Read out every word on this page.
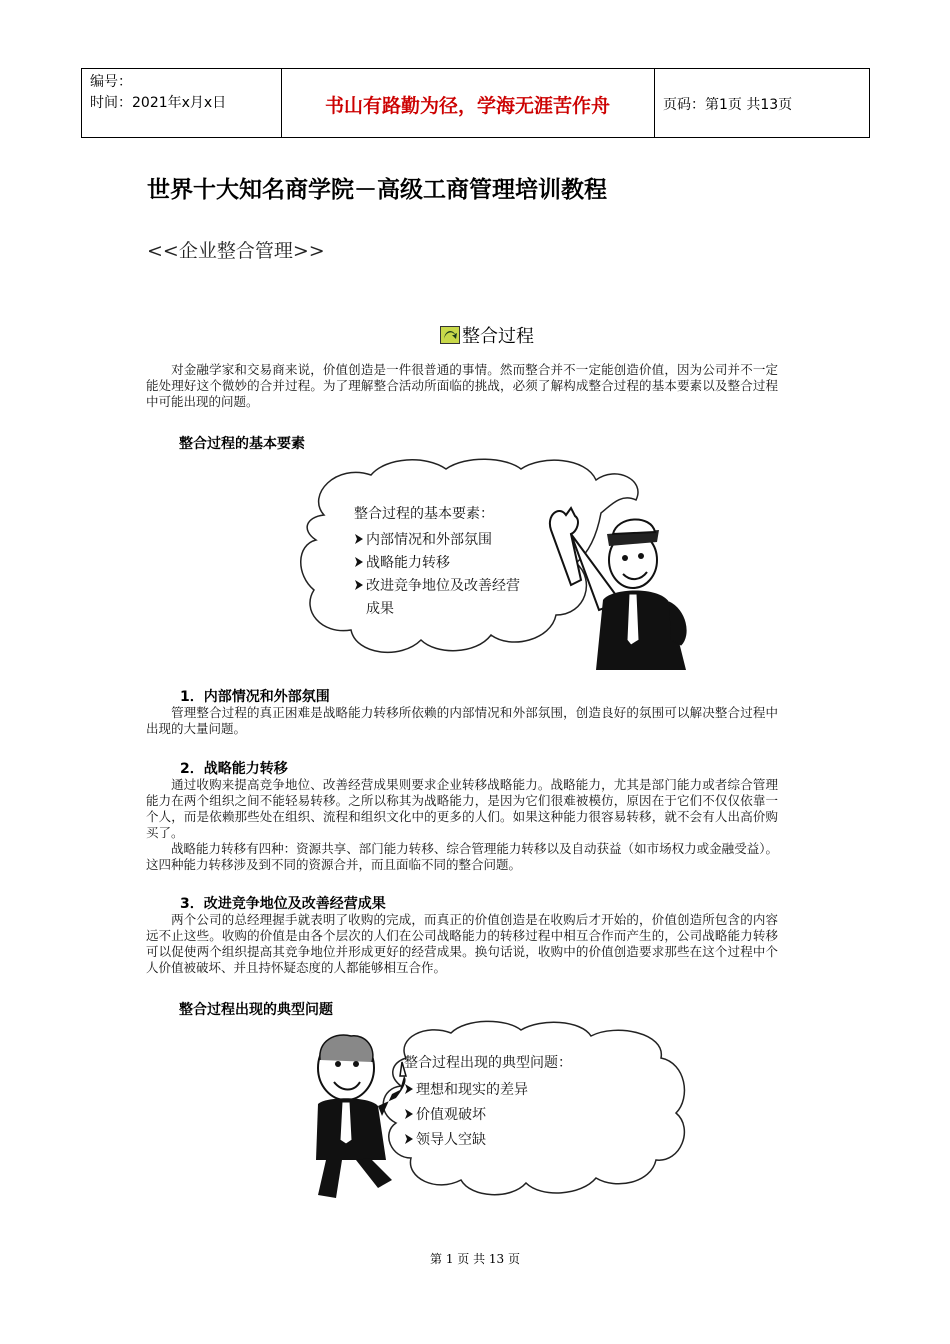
编号：
时间：2021年x月x日	书山有路勤为径，学海无涯苦作舟	页码：第1页 共13页
世界十大知名商学院－高级工商管理培训教程
<<企业整合管理>>
整合过程
对金融学家和交易商来说，价值创造是一件很普通的事情。然而整合并不一定能创造价值，因为公司并不一定能处理好这个微妙的合并过程。为了理解整合活动所面临的挑战，必须了解构成整合过程的基本要素以及整合过程中可能出现的问题。
整合过程的基本要素
整合过程的基本要素：
内部情况和外部氛围
战略能力转移
改进竞争地位及改善经营
成果
1．内部情况和外部氛围
管理整合过程的真正困难是战略能力转移所依赖的内部情况和外部氛围，创造良好的氛围可以解决整合过程中出现的大量问题。
2．战略能力转移
通过收购来提高竞争地位、改善经营成果则要求企业转移战略能力。战略能力，尤其是部门能力或者综合管理能力在两个组织之间不能轻易转移。之所以称其为战略能力，是因为它们很难被模仿，原因在于它们不仅仅依靠一个人，而是依赖那些处在组织、流程和组织文化中的更多的人们。如果这种能力很容易转移，就不会有人出高价购买了。
战略能力转移有四种：资源共享、部门能力转移、综合管理能力转移以及自动获益（如市场权力或金融受益）。这四种能力转移涉及到不同的资源合并，而且面临不同的整合问题。
3．改进竞争地位及改善经营成果
两个公司的总经理握手就表明了收购的完成，而真正的价值创造是在收购后才开始的，价值创造所包含的内容远不止这些。收购的价值是由各个层次的人们在公司战略能力的转移过程中相互合作而产生的，公司战略能力转移可以促使两个组织提高其竞争地位并形成更好的经营成果。换句话说，收购中的价值创造要求那些在这个过程中个人价值被破坏、并且持怀疑态度的人都能够相互合作。
整合过程出现的典型问题
整合过程出现的典型问题：
理想和现实的差异
价值观破坏
领导人空缺
第 1 页 共 13 页
